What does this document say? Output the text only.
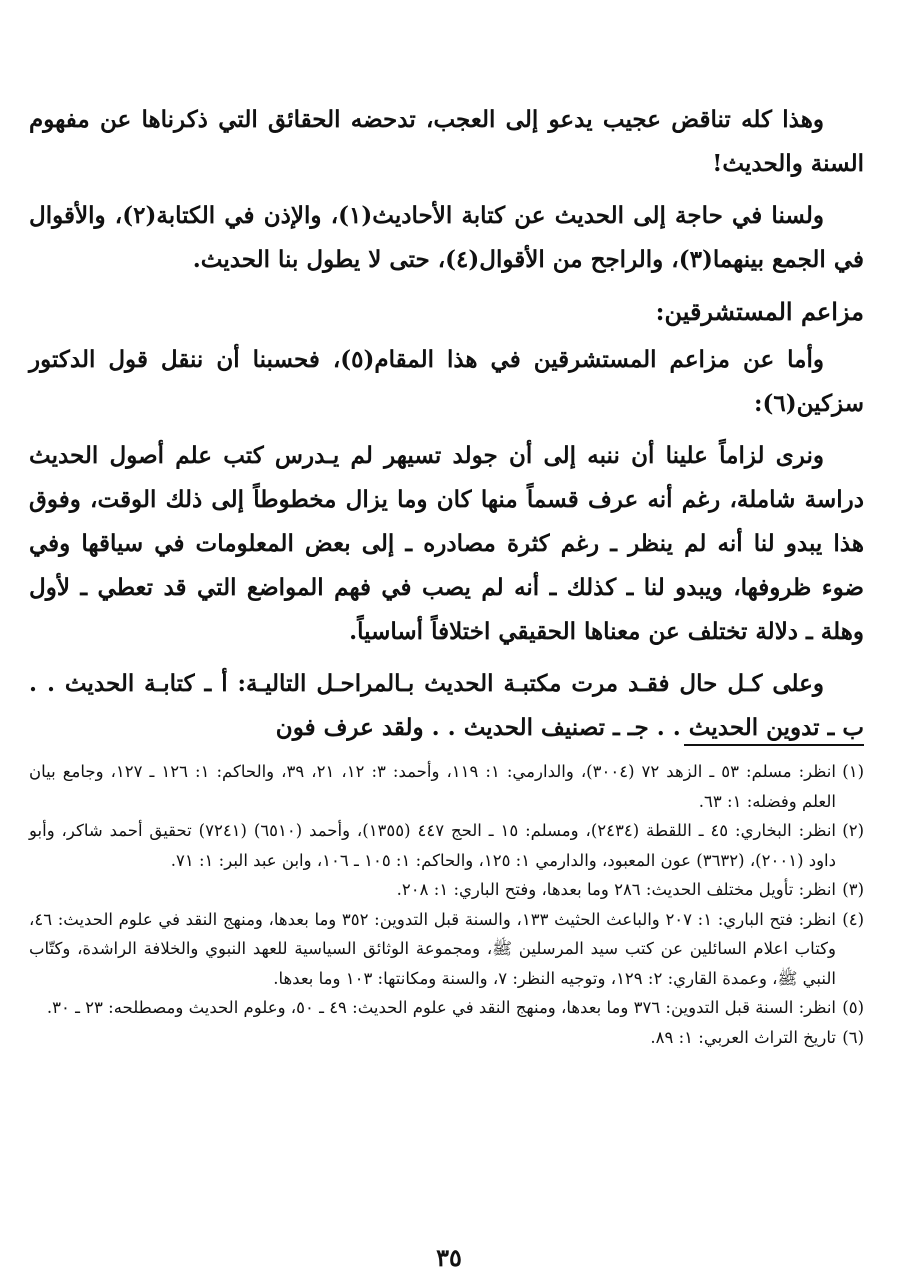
وهذا كله تناقض عجيب يدعو إلى العجب، تدحضه الحقائق التي ذكرناها عن مفهوم السنة والحديث!

ولسنا في حاجة إلى الحديث عن كتابة الأحاديث(١)، والإذن في الكتابة(٢)، والأقوال في الجمع بينهما(٣)، والراجح من الأقوال(٤)، حتى لا يطول بنا الحديث.

مزاعم المستشرقين:

وأما عن مزاعم المستشرقين في هذا المقام(٥)، فحسبنا أن ننقل قول الدكتور سزكين(٦):

ونرى لزاماً علينا أن ننبه إلى أن جولد تسيهر لم يـدرس كتب علم أصول الحديث دراسة شاملة، رغم أنه عرف قسماً منها كان وما يزال مخطوطاً إلى ذلك الوقت، وفوق هذا يبدو لنا أنه لم ينظر ـ رغم كثرة مصادره ـ إلى بعض المعلومات في سياقها وفي ضوء ظروفها، ويبدو لنا ـ كذلك ـ أنه لم يصب في فهم المواضع التي قد تعطي ـ لأول وهلة ـ دلالة تختلف عن معناها الحقيقي اختلافاً أساسياً.

وعلى كـل حال فقـد مرت مكتبـة الحديث بـالمراحـل التاليـة: أ ـ كتابـة الحديث . . ب ـ تدوين الحديث . . جـ ـ تصنيف الحديث . . ولقد عرف فون

(١)
انظر: مسلم: ٥٣ ـ الزهد ٧٢ (٣٠٠٤)، والدارمي: ١: ١١٩، وأحمد: ٣: ١٢، ٢١، ٣٩، والحاكم: ١: ١٢٦ ـ ١٢٧، وجامع بيان العلم وفضله: ١: ٦٣.
(٢)
انظر: البخاري: ٤٥ ـ اللقطة (٢٤٣٤)، ومسلم: ١٥ ـ الحج ٤٤٧ (١٣٥٥)، وأحمد (٦٥١٠) (٧٢٤١) تحقيق أحمد شاكر، وأبو داود (٢٠٠١)، (٣٦٣٢) عون المعبود، والدارمي ١: ١٢٥، والحاكم: ١: ١٠٥ ـ ١٠٦، وابن عبد البر: ١: ٧١.
(٣)
انظر: تأويل مختلف الحديث: ٢٨٦ وما بعدها، وفتح الباري: ١: ٢٠٨.
(٤)
انظر: فتح الباري: ١: ٢٠٧ والباعث الحثيث ١٣٣، والسنة قبل التدوين: ٣٥٢ وما بعدها، ومنهج النقد في علوم الحديث: ٤٦، وكتاب اعلام السائلين عن كتب سيد المرسلين ﷺ، ومجموعة الوثائق السياسية للعهد النبوي والخلافة الراشدة، وكتّاب النبي ﷺ، وعمدة القاري: ٢: ١٢٩، وتوجيه النظر: ٧، والسنة ومكانتها: ١٠٣ وما بعدها.
(٥)
انظر: السنة قبل التدوين: ٣٧٦ وما بعدها، ومنهج النقد في علوم الحديث: ٤٩ ـ ٥٠، وعلوم الحديث ومصطلحه: ٢٣ ـ ٣٠.
(٦)
تاريخ التراث العربي: ١: ٨٩.
٣٥
